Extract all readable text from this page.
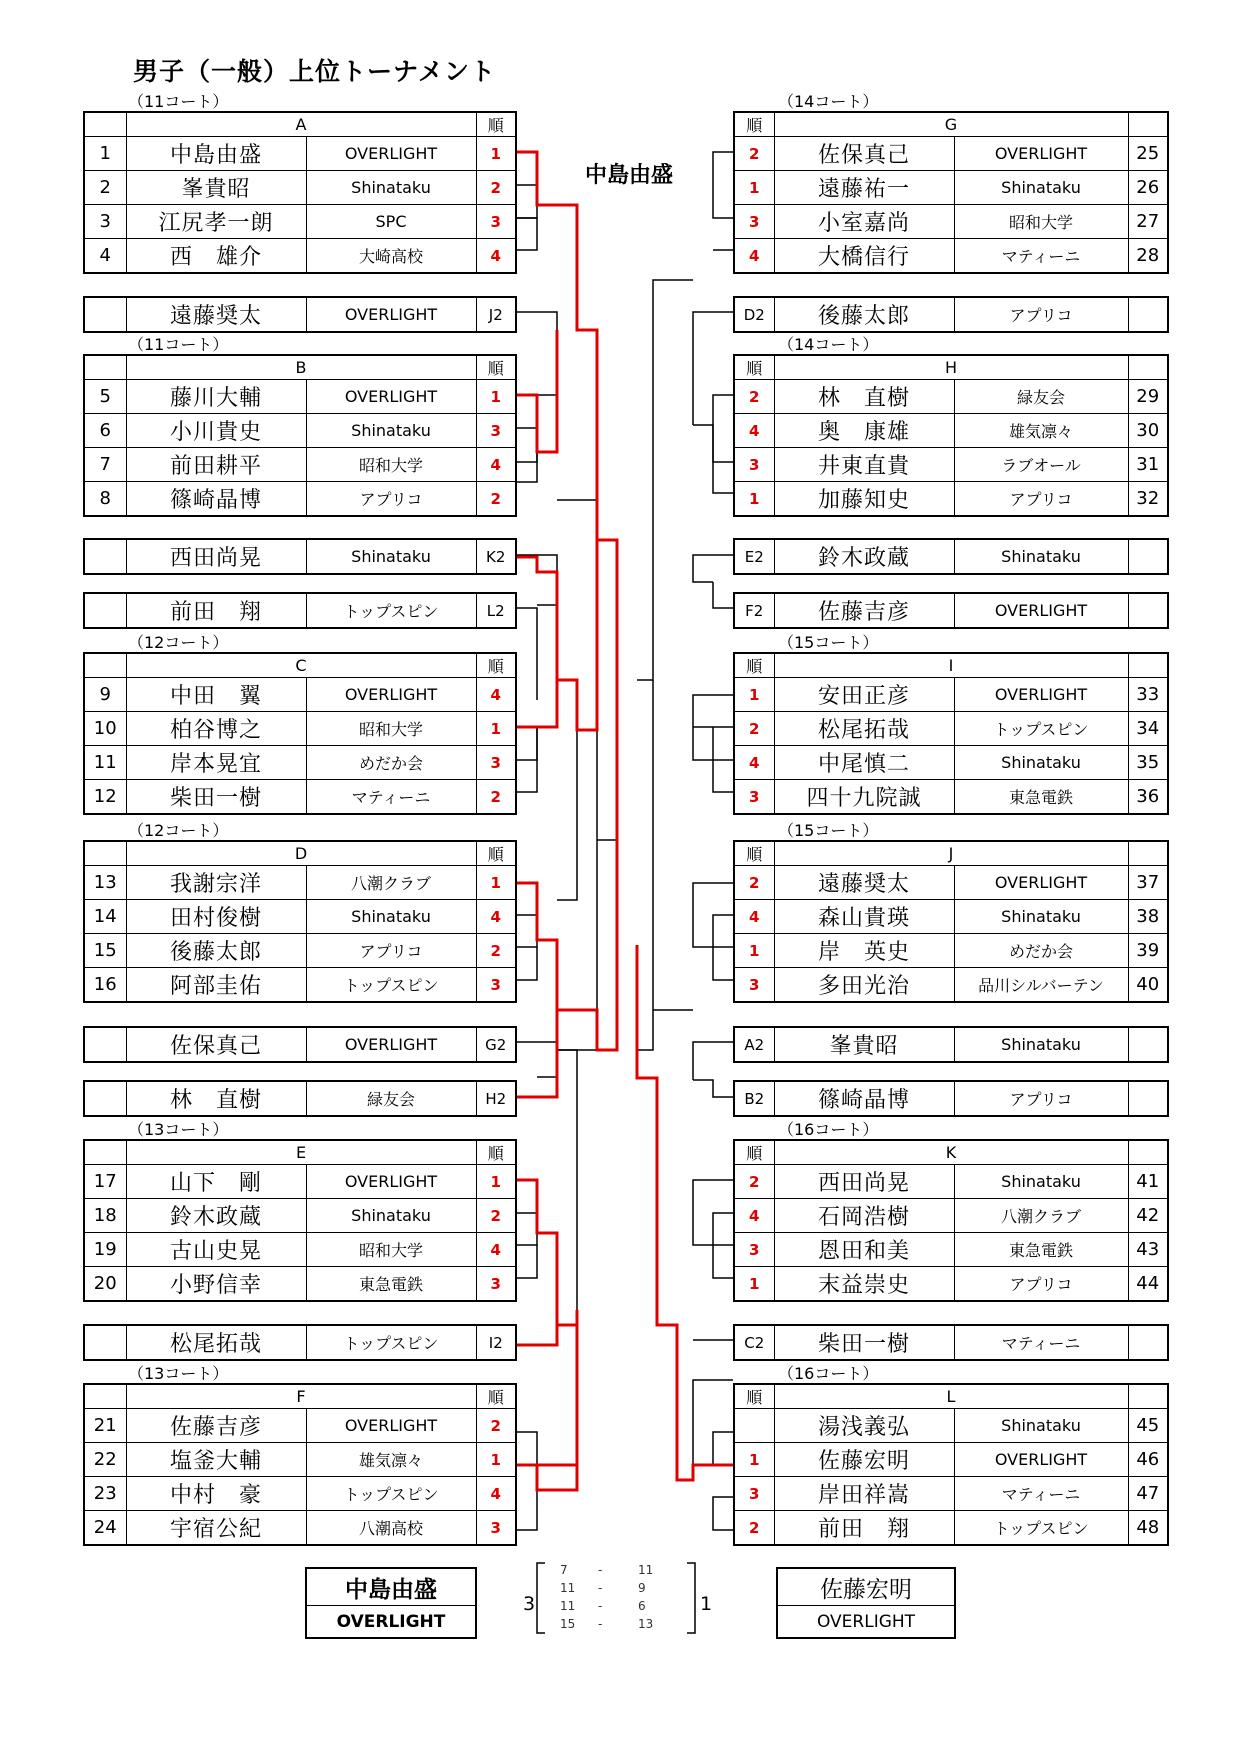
男子（一般）上位トーナメント
中島由盛
（11コート）
	A		順
1	中島由盛	OVERLIGHT	1
2	峯貴昭	Shinataku	2
3	江尻孝一朗	SPC	3
4	西　雄介	大崎高校	4
（14コート）
順	G		
2	佐保真己	OVERLIGHT	25
1	遠藤祐一	Shinataku	26
3	小室嘉尚	昭和大学	27
4	大橋信行	マティーニ	28
（11コート）
	B		順
5	藤川大輔	OVERLIGHT	1
6	小川貴史	Shinataku	3
7	前田耕平	昭和大学	4
8	篠崎晶博	アプリコ	2
（14コート）
順	H		
2	林　直樹	緑友会	29
4	奥　康雄	雄気凛々	30
3	井東直貴	ラブオール	31
1	加藤知史	アプリコ	32
（12コート）
	C		順
9	中田　翼	OVERLIGHT	4
10	柏谷博之	昭和大学	1
11	岸本晃宜	めだか会	3
12	柴田一樹	マティーニ	2
（15コート）
順	I		
1	安田正彦	OVERLIGHT	33
2	松尾拓哉	トップスピン	34
4	中尾慎二	Shinataku	35
3	四十九院誠	東急電鉄	36
（12コート）
	D		順
13	我謝宗洋	八潮クラブ	1
14	田村俊樹	Shinataku	4
15	後藤太郎	アプリコ	2
16	阿部圭佑	トップスピン	3
（15コート）
順	J		
2	遠藤奨太	OVERLIGHT	37
4	森山貴瑛	Shinataku	38
1	岸　英史	めだか会	39
3	多田光治	品川シルバーテン	40
（13コート）
	E		順
17	山下　剛	OVERLIGHT	1
18	鈴木政蔵	Shinataku	2
19	古山史晃	昭和大学	4
20	小野信幸	東急電鉄	3
（16コート）
順	K		
2	西田尚晃	Shinataku	41
4	石岡浩樹	八潮クラブ	42
3	恩田和美	東急電鉄	43
1	末益崇史	アプリコ	44
（13コート）
	F		順
21	佐藤吉彦	OVERLIGHT	2
22	塩釜大輔	雄気凛々	1
23	中村　豪	トップスピン	4
24	宇宿公紀	八潮高校	3
（16コート）
順	L		
	湯浅義弘	Shinataku	45
1	佐藤宏明	OVERLIGHT	46
3	岸田祥嵩	マティーニ	47
2	前田　翔	トップスピン	48
	遠藤奨太	OVERLIGHT	J2
	西田尚晃	Shinataku	K2
	前田　翔	トップスピン	L2
	佐保真己	OVERLIGHT	G2
	林　直樹	緑友会	H2
	松尾拓哉	トップスピン	I2
D2	後藤太郎	アプリコ	
E2	鈴木政蔵	Shinataku	
F2	佐藤吉彦	OVERLIGHT	
A2	峯貴昭	Shinataku	
B2	篠崎晶博	アプリコ	
C2	柴田一樹	マティーニ	
中島由盛
OVERLIGHT
佐藤宏明
OVERLIGHT
3	1
7	-	11
11 -	9
11 -	6
15 -	13
